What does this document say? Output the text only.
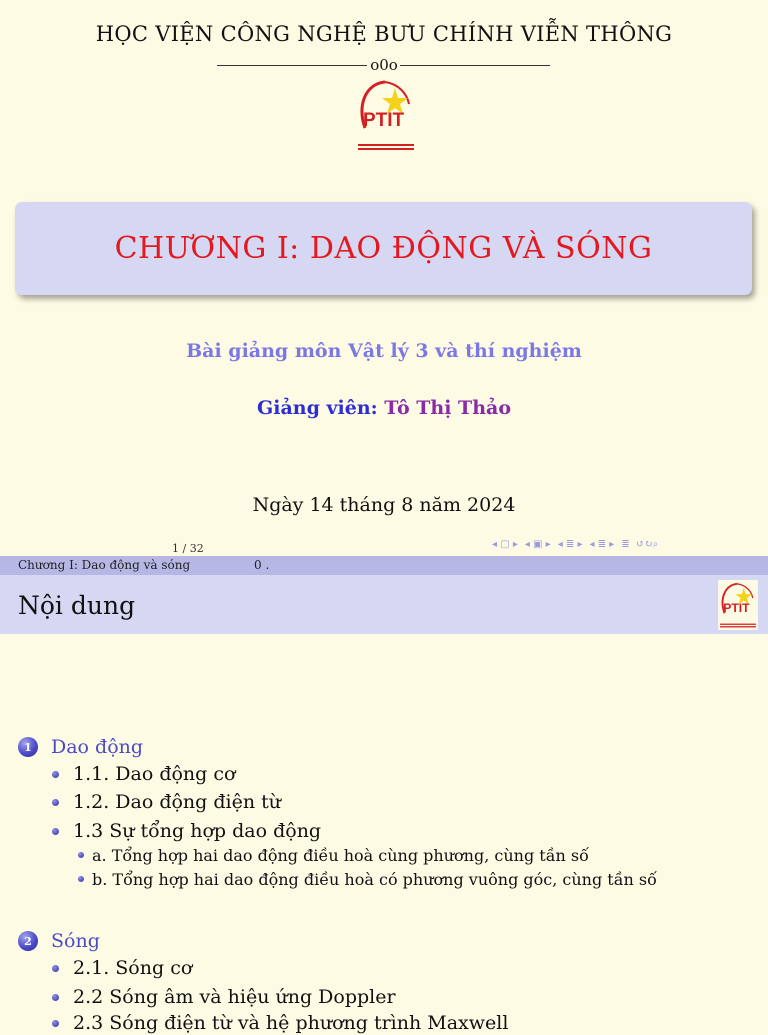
HỌC VIỆN CÔNG NGHỆ BƯU CHÍNH VIỄN THÔNG
o0o
PTIT
CHƯƠNG I: DAO ĐỘNG VÀ SÓNG
Bài giảng môn Vật lý 3 và thí nghiệm
Giảng viên: Tô Thị Thảo
Ngày 14 tháng 8 năm 2024
1 / 32	◂ ▢ ▸ ◂ ▣ ▸ ◂ ≣ ▸ ◂ ≣ ▸ ≣  ↺↻⌕
Chương I: Dao động và sóng	0 .
Nội dung	PTIT
1	Dao động
1.1. Dao động cơ
1.2. Dao động điện từ
1.3 Sự tổng hợp dao động
a. Tổng hợp hai dao động điều hoà cùng phương, cùng tần số
b. Tổng hợp hai dao động điều hoà có phương vuông góc, cùng tần số
2	Sóng
2.1. Sóng cơ
2.2 Sóng âm và hiệu ứng Doppler
2.3 Sóng điện từ và hệ phương trình Maxwell
